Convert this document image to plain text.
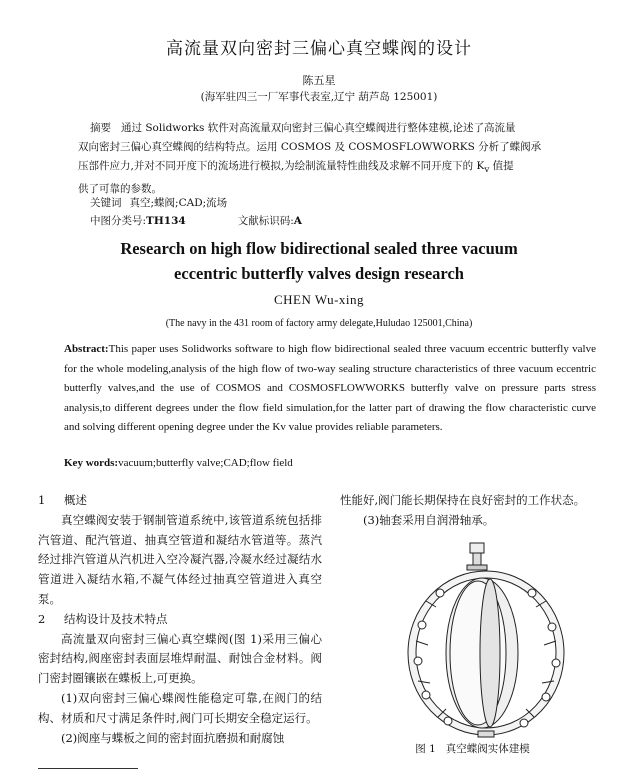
高流量双向密封三偏心真空蝶阀的设计
陈五星
(海军驻四三一厂军事代表室,辽宁 葫芦岛 125001)
摘要 通过 Solidworks 软件对高流量双向密封三偏心真空蝶阀进行整体建模,论述了高流量
双向密封三偏心真空蝶阀的结构特点。运用 COSMOS 及 COSMOSFLOWWORKS 分析了蝶阀承
压部件应力,并对不同开度下的流场进行模拟,为绘制流量特性曲线及求解不同开度下的 $K_v$ 值提
供了可靠的参数。
关键词 真空;蝶阀;CAD;流场
中图分类号:TH134	文献标识码:A
Research on high flow bidirectional sealed three vacuum
eccentric butterfly valves design research
CHEN Wu-xing
(The navy in the 431 room of factory army delegate,Huludao 125001,China)
Abstract:This paper uses Solidworks software to high flow bidirectional sealed three vacuum eccentric butterfly valve for the whole modeling,analysis of the high flow of two-way sealing structure characteristics of three vacuum eccentric butterfly valves,and the use of COSMOS and COSMOSFLOWWORKS butterfly valve on pressure parts stress analysis,to different degrees under the flow field simulation,for the latter part of drawing the flow characteristic curve and solving different opening degree under the Kv value provides reliable parameters.
Key words:vacuum;butterfly valve;CAD;flow field
1 概述
真空蝶阀安装于钢制管道系统中,该管道系统包括排汽管道、配汽管道、抽真空管道和凝结水管道等。蒸汽经过排汽管道从汽机进入空冷凝汽器,冷凝水经过凝结水管道进入凝结水箱,不凝气体经过抽真空管道进入真空泵。
2 结构设计及技术特点
高流量双向密封三偏心真空蝶阀(图 1)采用三偏心密封结构,阀座密封表面层堆焊耐温、耐蚀合金材料。阀门密封圈镶嵌在蝶板上,可更换。
(1)双向密封三偏心蝶阀性能稳定可靠,在阀门的结构、材质和尺寸满足条件时,阀门可长期安全稳定运行。
(2)阀座与蝶板之间的密封面抗磨损和耐腐蚀
性能好,阀门能长期保持在良好密封的工作状态。
(3)轴套采用自润滑轴承。
图 1 真空蝶阀实体建模
